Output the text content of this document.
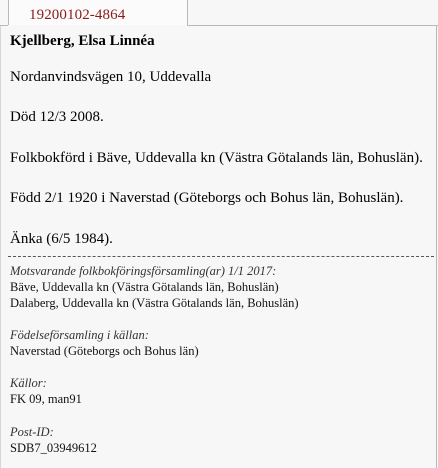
19200102-4864
Kjellberg, Elsa Linnéa
Nordanvindsvägen 10, Uddevalla
Död 12/3 2008.
Folkbokförd i Bäve, Uddevalla kn (Västra Götalands län, Bohuslän).
Född 2/1 1920 i Naverstad (Göteborgs och Bohus län, Bohuslän).
Änka (6/5 1984).
Motsvarande folkbokföringsförsamling(ar) 1/1 2017:
Bäve, Uddevalla kn (Västra Götalands län, Bohuslän)
Dalaberg, Uddevalla kn (Västra Götalands län, Bohuslän)
Födelseförsamling i källan:
Naverstad (Göteborgs och Bohus län)
Källor:
FK 09, man91
Post-ID:
SDB7_03949612
